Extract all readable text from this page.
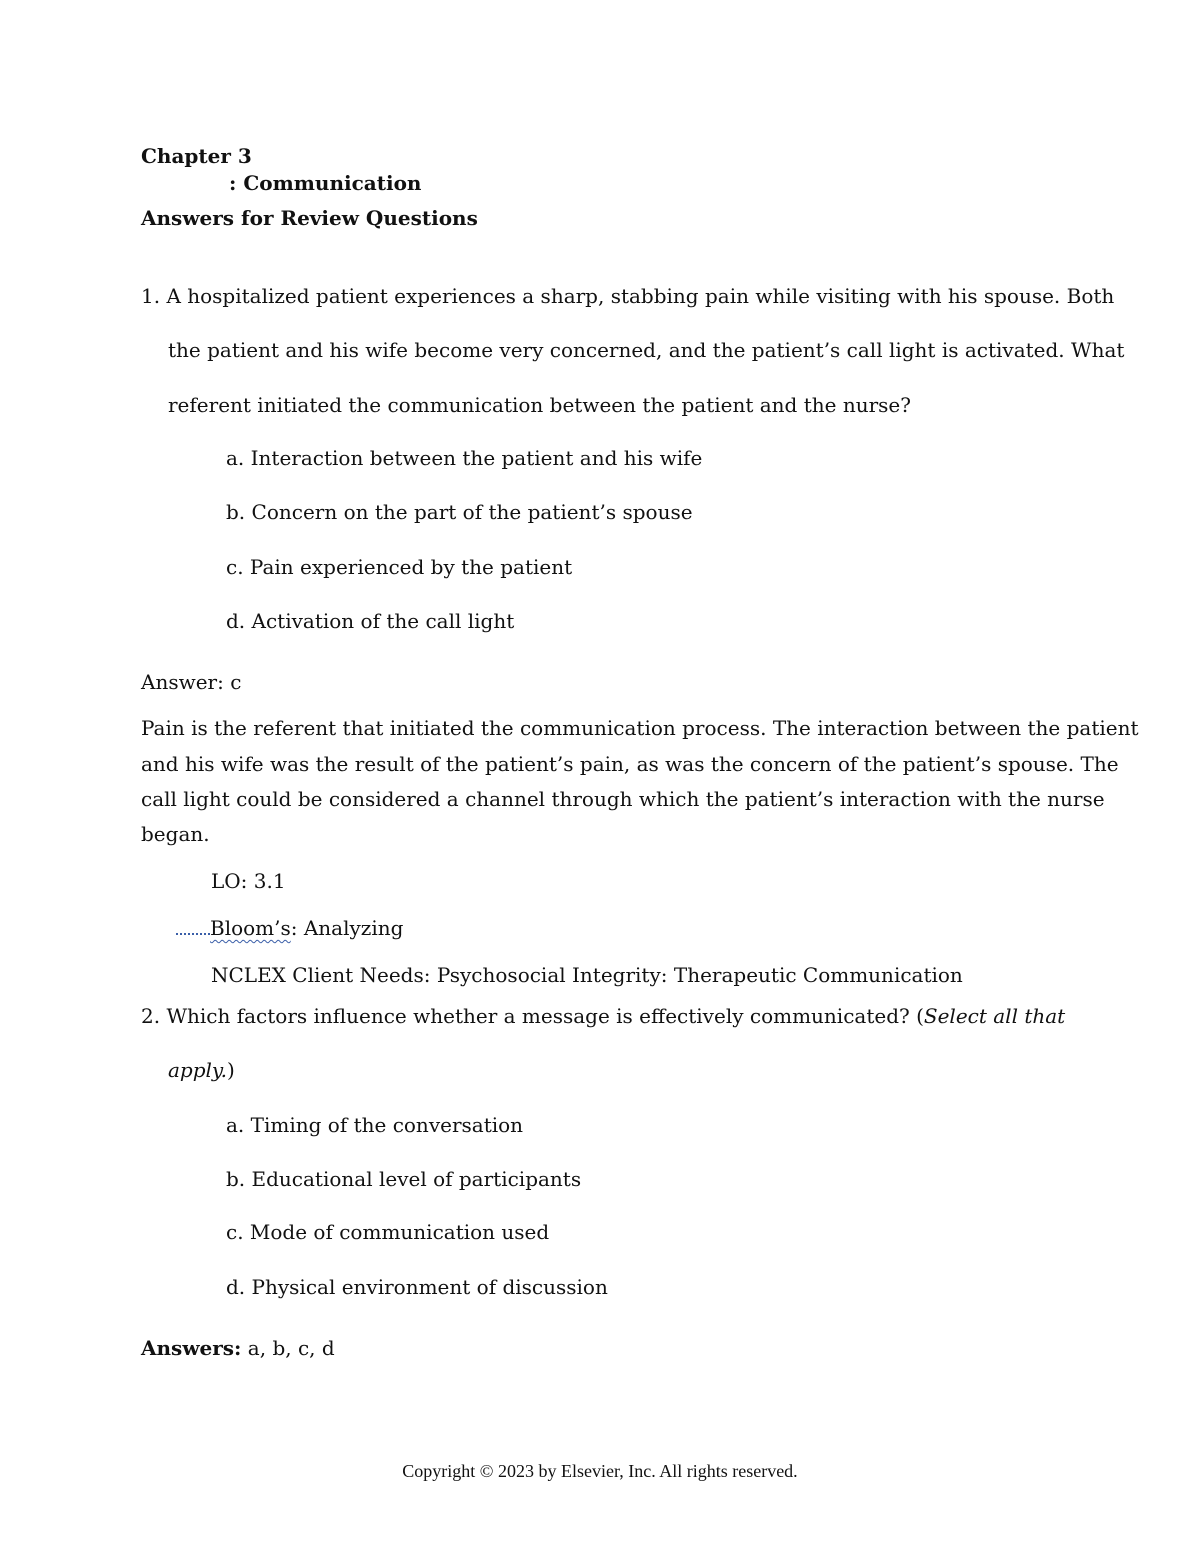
Chapter 3
: Communication
Answers for Review Questions
1. A hospitalized patient experiences a sharp, stabbing pain while visiting with his spouse. Both
the patient and his wife become very concerned, and the patient’s call light is activated. What
referent initiated the communication between the patient and the nurse?
a. Interaction between the patient and his wife
b. Concern on the part of the patient’s spouse
c. Pain experienced by the patient
d. Activation of the call light
Answer: c
Pain is the referent that initiated the communication process. The interaction between the patient
and his wife was the result of the patient’s pain, as was the concern of the patient’s spouse. The
call light could be considered a channel through which the patient’s interaction with the nurse
began.
LO: 3.1
Bloom’s: Analyzing
NCLEX Client Needs: Psychosocial Integrity: Therapeutic Communication
2. Which factors influence whether a message is effectively communicated? (Select all that
apply.)
a. Timing of the conversation
b. Educational level of participants
c. Mode of communication used
d. Physical environment of discussion
Answers: a, b, c, d
Copyright © 2023 by Elsevier, Inc. All rights reserved.
